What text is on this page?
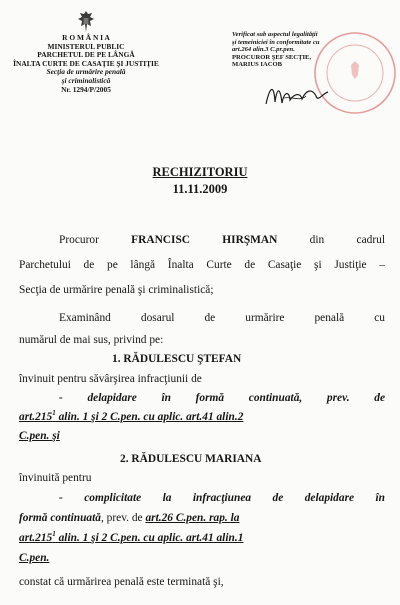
R O M Â N I A

MINISTERUL PUBLIC

PARCHETUL DE PE LÂNGĂ

ÎNALTA CURTE DE CASAŢIE ŞI JUSTIŢIE

Secţia de urmărire penală

şi criminalistică

Nr. 1294/P/2005

Verificat sub aspectul legalităţii

şi temeiniciei în conformitate cu

art.264 alin.3 C.pr.pen.

PROCUROR ŞEF SECŢIE,

MARIUS IACOB

RECHIZITORIU
11.11.2009
Procuror	FRANCISC HIRŞMAN	din cadrul
Parchetului de pe lângă Înalta Curte de Casaţie şi Justiţie –
Secţia de urmărire penală şi criminalistică;
Examinând dosarul de urmărire penală cu
numărul de mai sus, privind pe:
1. RĂDULESCU ŞTEFAN
învinuit pentru săvârşirea infracţiunii de
- delapidare în formă continuată, prev. de
art.215$^1$ alin. 1 şi 2 C.pen. cu aplic. art.41 alin.2
C.pen. şi
2. RĂDULESCU MARIANA
învinuită pentru
- complicitate la infracţiunea de delapidare în
formă continuată, prev. de art.26 C.pen. rap. la
art.215$^1$ alin. 1 şi 2 C.pen. cu aplic. art.41 alin.1
C.pen.
constat că urmărirea penală este terminată şi,
